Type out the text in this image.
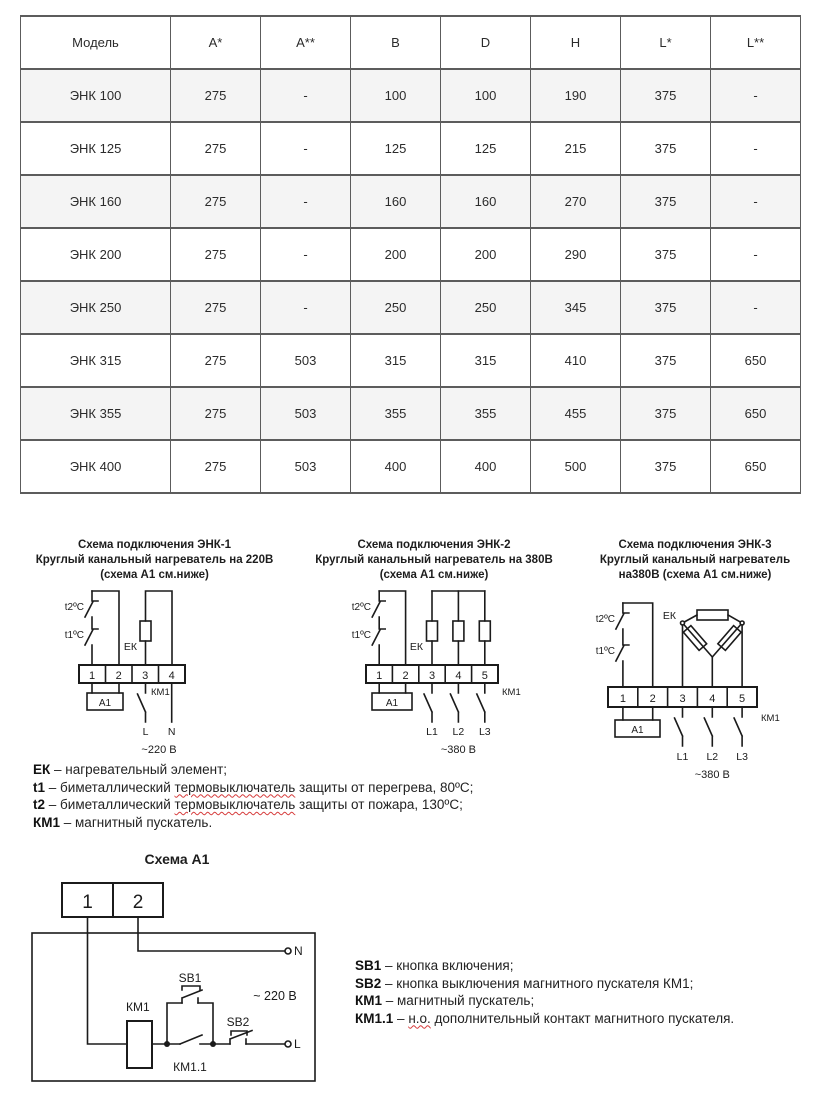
Модель	A*	A**	B	D	H	L*	L**
ЭНК 100	275	-	100	100	190	375	-
ЭНК 125	275	-	125	125	215	375	-
ЭНК 160	275	-	160	160	270	375	-
ЭНК 200	275	-	200	200	290	375	-
ЭНК 250	275	-	250	250	345	375	-
ЭНК 315	275	503	315	315	410	375	650
ЭНК 355	275	503	355	355	455	375	650
ЭНК 400	275	503	400	400	500	375	650
Схема подключения ЭНК-1
Круглый канальный нагреватель на 220В
(схема А1 см.ниже)
Схема подключения ЭНК-2
Круглый канальный нагреватель на 380В
(схема А1 см.ниже)
Схема подключения ЭНК-3
Круглый канальный нагреватель
на380В (схема А1 см.ниже)
1 2 3 4
А1
t2ºС
t1ºС
ЕК
КМ1
L N
~220 В
1 2 3 4 5
А1
t2ºС
t1ºС
ЕК
КМ1
L1 L2 L3
~380 В
1 2 3 4 5
А1
t2ºС
t1ºС
ЕК
КМ1
L1 L2 L3
~380 В
ЕК – нагревательный элемент;
t1 – биметаллический термовыключатель защиты от перегрева, 80ºС;
t2 – биметаллический термовыключатель защиты от пожара, 130ºС;
КМ1 – магнитный пускатель.
Схема А1
1 2
N
L
КМ1
КМ1.1
SB1
SB2
~ 220 В
SB1 – кнопка включения;
SB2 – кнопка выключения магнитного пускателя КМ1;
КМ1 – магнитный пускатель;
КМ1.1 – н.о. дополнительный контакт магнитного пускателя.
